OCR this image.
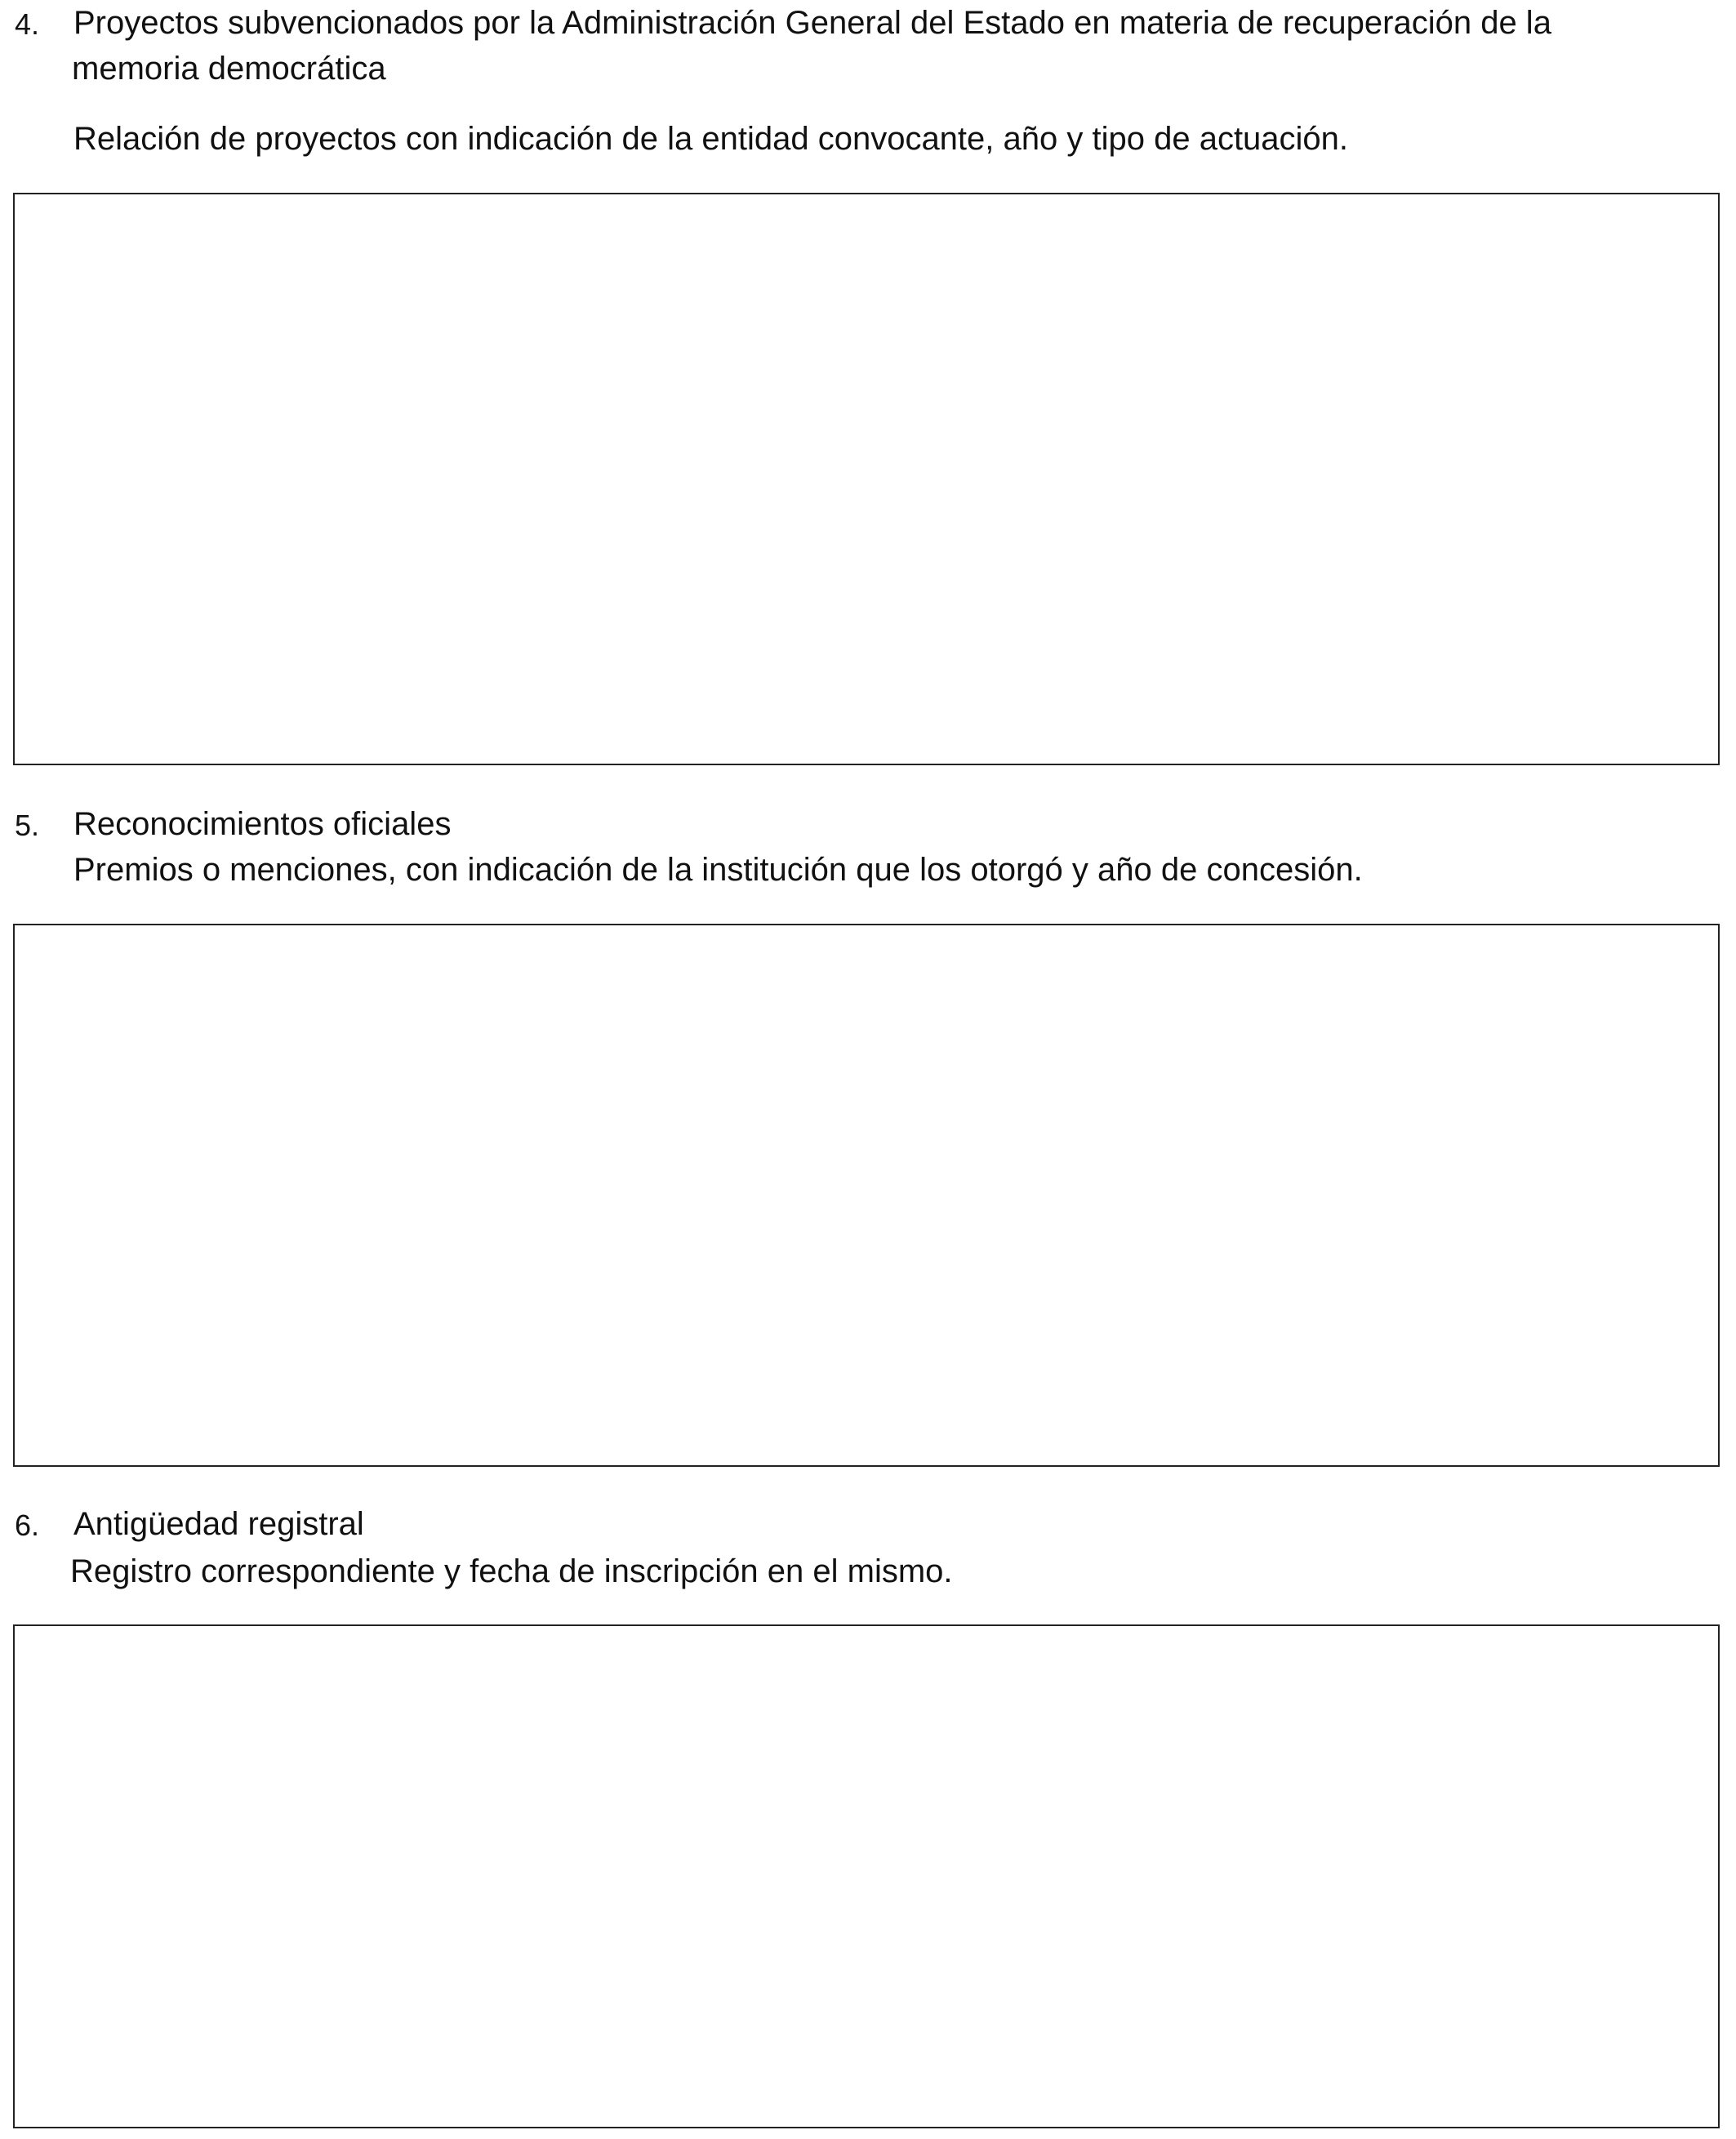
4. Proyectos subvencionados por la Administración General del Estado en materia de recuperación de la
memoria democrática
Relación de proyectos con indicación de la entidad convocante, año y tipo de actuación.
5. Reconocimientos oficiales
Premios o menciones, con indicación de la institución que los otorgó y año de concesión.
6. Antigüedad registral
Registro correspondiente y fecha de inscripción en el mismo.
